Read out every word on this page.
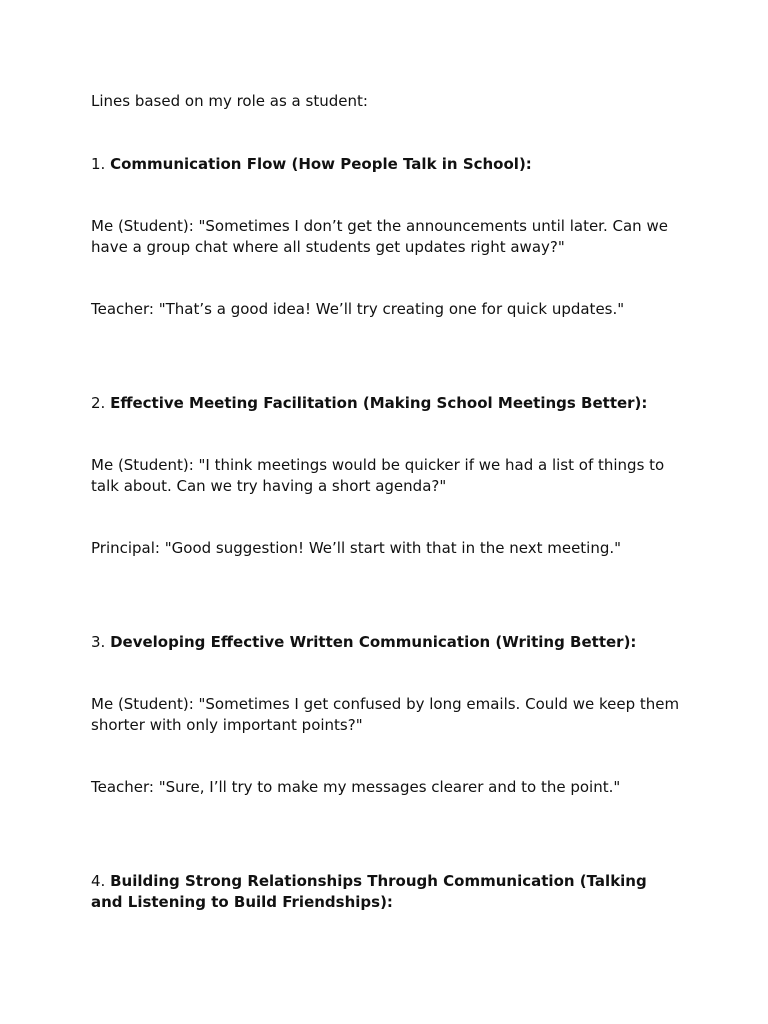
Lines based on my role as a student:
1. Communication Flow (How People Talk in School):
Me (Student): "Sometimes I don’t get the announcements until later. Can we have a group chat where all students get updates right away?"
Teacher: "That’s a good idea! We’ll try creating one for quick updates."
2. Effective Meeting Facilitation (Making School Meetings Better):
Me (Student): "I think meetings would be quicker if we had a list of things to talk about. Can we try having a short agenda?"
Principal: "Good suggestion! We’ll start with that in the next meeting."
3. Developing Effective Written Communication (Writing Better):
Me (Student): "Sometimes I get confused by long emails. Could we keep them shorter with only important points?"
Teacher: "Sure, I’ll try to make my messages clearer and to the point."
4. Building Strong Relationships Through Communication (Talking and Listening to Build Friendships):
